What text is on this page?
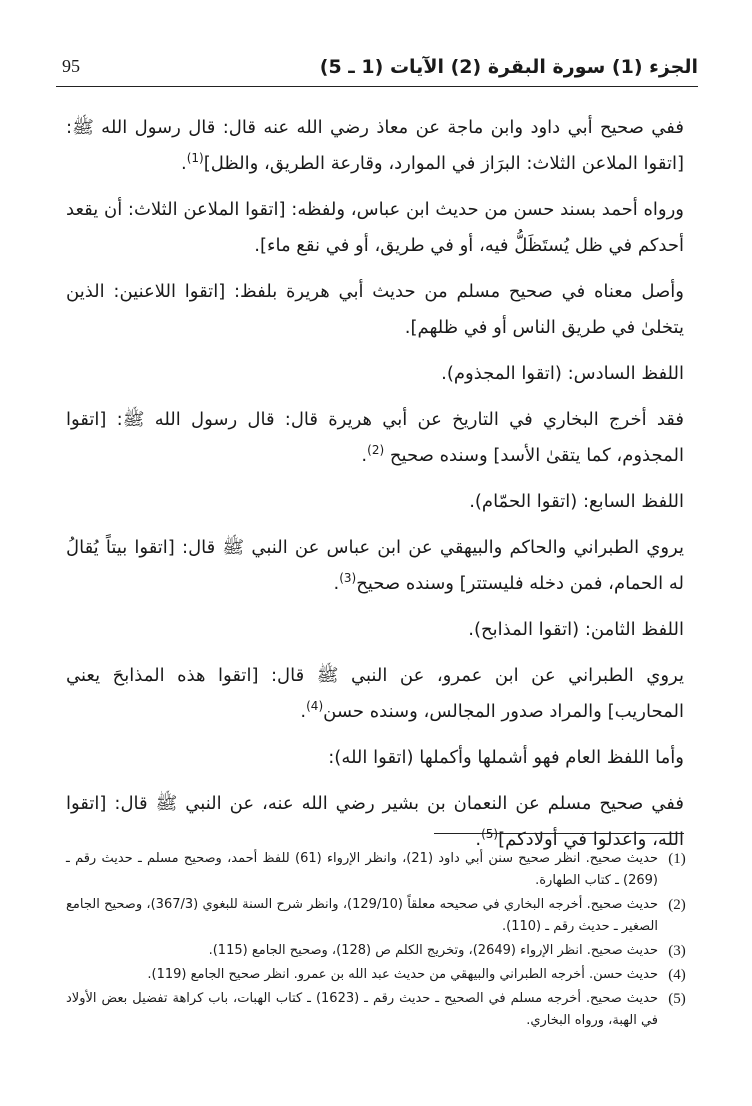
الجزء (1) سورة البقرة (2) الآيات (1 ـ 5)
95

ففي صحيح أبي داود وابن ماجة عن معاذ رضي الله عنه قال: قال رسول الله ﷺ: [اتقوا الملاعن الثلاث: البرَاز في الموارد، وقارعة الطريق، والظل]$^{(1)}$.

ورواه أحمد بسند حسن من حديث ابن عباس، ولفظه: [اتقوا الملاعن الثلاث: أن يقعد أحدكم في ظل يُستَظَلُّ فيه، أو في طريق، أو في نقع ماء].

وأصل معناه في صحيح مسلم من حديث أبي هريرة بلفظ: [اتقوا اللاعنين: الذين يتخلىٰ في طريق الناس أو في ظلهم].

اللفظ السادس: (اتقوا المجذوم).

فقد أخرج البخاري في التاريخ عن أبي هريرة قال: قال رسول الله ﷺ: [اتقوا المجذوم، كما يتقىٰ الأسد] وسنده صحيح $^{(2)}$.

اللفظ السابع: (اتقوا الحمّام).

يروي الطبراني والحاكم والبيهقي عن ابن عباس عن النبي ﷺ قال: [اتقوا بيتاً يُقالُ له الحمام، فمن دخله فليستتر] وسنده صحيح$^{(3)}$.

اللفظ الثامن: (اتقوا المذابح).

يروي الطبراني عن ابن عمرو، عن النبي ﷺ قال: [اتقوا هذه المذابحَ يعني المحاريب] والمراد صدور المجالس، وسنده حسن$^{(4)}$.

وأما اللفظ العام فهو أشملها وأكملها (اتقوا الله):

ففي صحيح مسلم عن النعمان بن بشير رضي الله عنه، عن النبي ﷺ قال: [اتقوا الله، واعدلوا في أولادكم]$^{(5)}$.

(1)
حديث صحيح. انظر صحيح سنن أبي داود (21)، وانظر الإرواء (61) للفظ أحمد، وصحيح مسلم ـ حديث رقم ـ (269) ـ كتاب الطهارة.
(2)
حديث صحيح. أخرجه البخاري في صحيحه معلقاً (129/10)، وانظر شرح السنة للبغوي (367/3)، وصحيح الجامع الصغير ـ حديث رقم ـ (110).
(3)
حديث صحيح. انظر الإرواء (2649)، وتخريج الكلم ص (128)، وصحيح الجامع (115).
(4)
حديث حسن. أخرجه الطبراني والبيهقي من حديث عبد الله بن عمرو. انظر صحيح الجامع (119).
(5)
حديث صحيح. أخرجه مسلم في الصحيح ـ حديث رقم ـ (1623) ـ كتاب الهبات، باب كراهة تفضيل بعض الأولاد في الهبة، ورواه البخاري.
